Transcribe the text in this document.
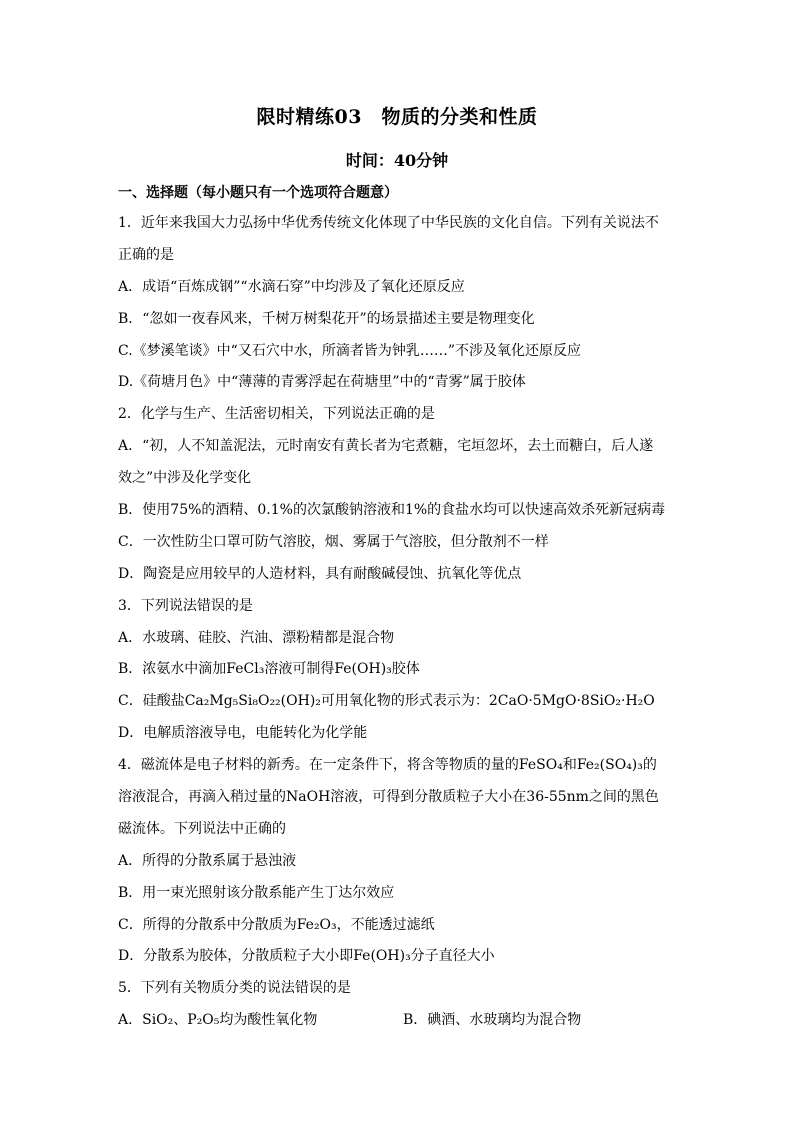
限时精练03　物质的分类和性质
时间：40分钟
一、选择题（每小题只有一个选项符合题意）
1．近年来我国大力弘扬中华优秀传统文化体现了中华民族的文化自信。下列有关说法不
正确的是
A．成语“百炼成钢”“水滴石穿”中均涉及了氧化还原反应
B．“忽如一夜春风来，千树万树梨花开”的场景描述主要是物理变化
C.《梦溪笔谈》中“又石穴中水，所滴者皆为钟乳……”不涉及氧化还原反应
D.《荷塘月色》中“薄薄的青雾浮起在荷塘里”中的“青雾”属于胶体
2．化学与生产、生活密切相关，下列说法正确的是
A．“初，人不知盖泥法，元时南安有黄长者为宅煮糖，宅垣忽坏，去土而糖白，后人遂
效之”中涉及化学变化
B．使用75%的酒精、0.1%的次氯酸钠溶液和1%的食盐水均可以快速高效杀死新冠病毒
C．一次性防尘口罩可防气溶胶，烟、雾属于气溶胶，但分散剂不一样
D．陶瓷是应用较早的人造材料，具有耐酸碱侵蚀、抗氧化等优点
3．下列说法错误的是
A．水玻璃、硅胶、汽油、漂粉精都是混合物
B．浓氨水中滴加FeCl₃溶液可制得Fe(OH)₃胶体
C．硅酸盐Ca₂Mg₅Si₈O₂₂(OH)₂可用氧化物的形式表示为：2CaO·5MgO·8SiO₂·H₂O
D．电解质溶液导电，电能转化为化学能
4．磁流体是电子材料的新秀。在一定条件下，将含等物质的量的FeSO₄和Fe₂(SO₄)₃的
溶液混合，再滴入稍过量的NaOH溶液，可得到分散质粒子大小在36-55nm之间的黑色
磁流体。下列说法中正确的
A．所得的分散系属于悬浊液
B．用一束光照射该分散系能产生丁达尔效应
C．所得的分散系中分散质为Fe₂O₃，不能透过滤纸
D．分散系为胶体，分散质粒子大小即Fe(OH)₃分子直径大小
5．下列有关物质分类的说法错误的是
A．SiO₂、P₂O₅均为酸性氧化物	B．碘酒、水玻璃均为混合物
